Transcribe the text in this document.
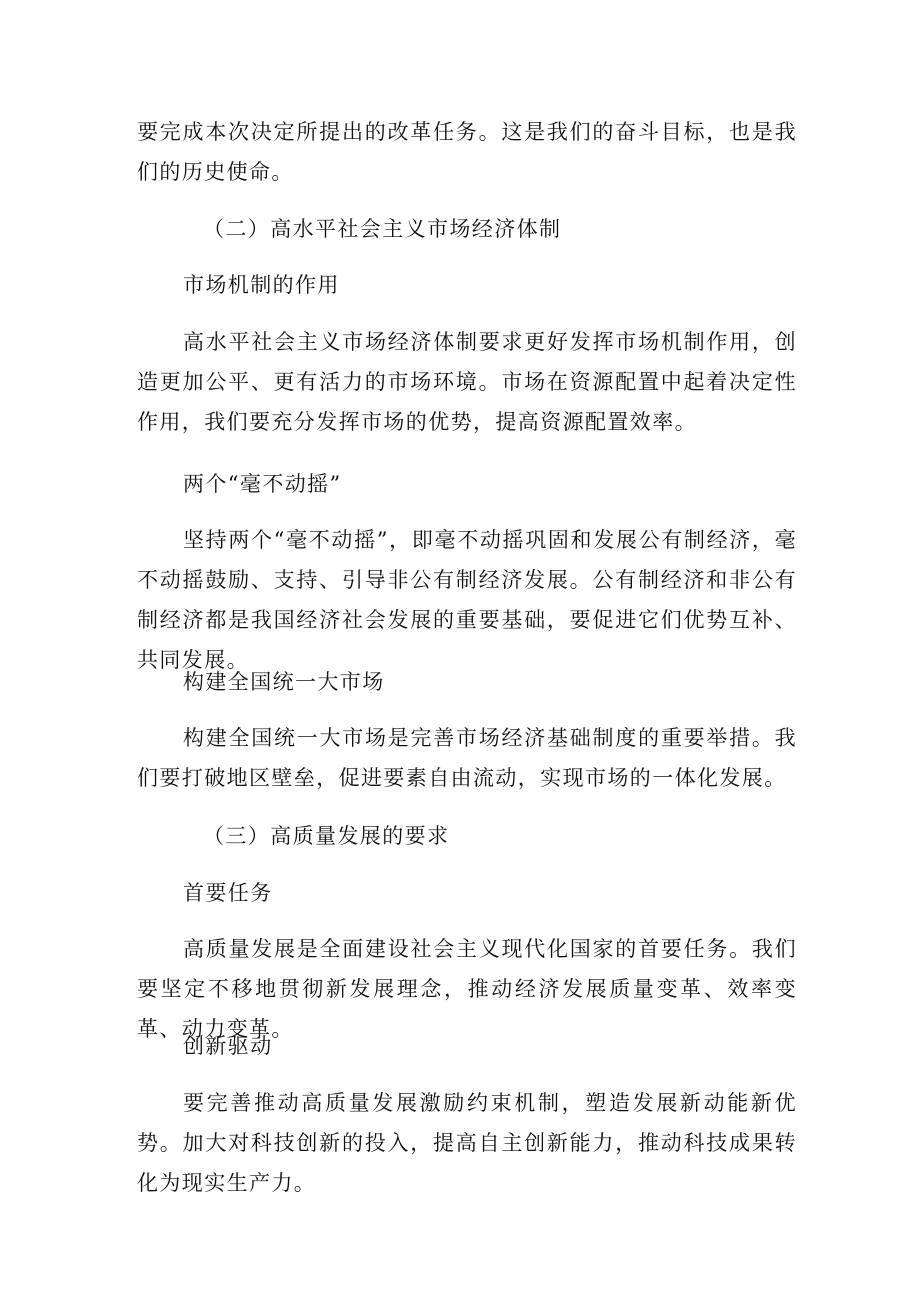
要完成本次决定所提出的改革任务。这是我们的奋斗目标，也是我们的历史使命。

（二）高水平社会主义市场经济体制

市场机制的作用

高水平社会主义市场经济体制要求更好发挥市场机制作用，创造更加公平、更有活力的市场环境。市场在资源配置中起着决定性作用，我们要充分发挥市场的优势，提高资源配置效率。

两个“毫不动摇”

坚持两个“毫不动摇”，即毫不动摇巩固和发展公有制经济，毫不动摇鼓励、支持、引导非公有制经济发展。公有制经济和非公有制经济都是我国经济社会发展的重要基础，要促进它们优势互补、共同发展。

构建全国统一大市场

构建全国统一大市场是完善市场经济基础制度的重要举措。我们要打破地区壁垒，促进要素自由流动，实现市场的一体化发展。

（三）高质量发展的要求

首要任务

高质量发展是全面建设社会主义现代化国家的首要任务。我们要坚定不移地贯彻新发展理念，推动经济发展质量变革、效率变革、动力变革。

创新驱动

要完善推动高质量发展激励约束机制，塑造发展新动能新优势。加大对科技创新的投入，提高自主创新能力，推动科技成果转化为现实生产力。
